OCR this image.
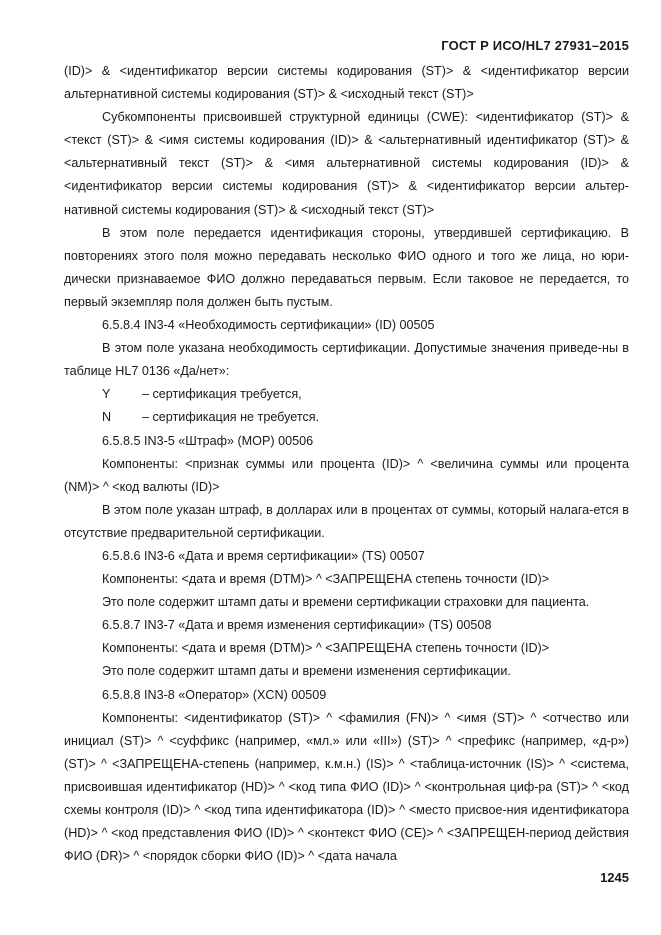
ГОСТ Р ИСО/HL7 27931–2015

(ID)> & <идентификатор версии системы кодирования (ST)> & <идентификатор версии альтернативной системы кодирования (ST)> & <исходный текст (ST)>

Субкомпоненты присвоившей структурной единицы (CWE): <идентификатор (ST)> & <текст (ST)> & <имя системы кодирования (ID)> & <альтернативный идентификатор (ST)> & <альтернативный текст (ST)> & <имя альтернативной системы кодирования (ID)> & <идентификатор версии системы кодирования (ST)> & <идентификатор версии альтер-нативной системы кодирования (ST)> & <исходный текст (ST)>

В этом поле передается идентификация стороны, утвердившей сертификацию. В повторениях этого поля можно передавать несколько ФИО одного и того же лица, но юри-дически признаваемое ФИО должно передаваться первым. Если таковое не передается, то первый экземпляр поля должен быть пустым.

6.5.8.4 IN3-4 «Необходимость сертификации» (ID) 00505

В этом поле указана необходимость сертификации. Допустимые значения приведе-ны в таблице HL7 0136 «Да/нет»:

Y	– сертификация требуется,

N	– сертификация не требуется.

6.5.8.5 IN3-5 «Штраф» (MOP) 00506

Компоненты: <признак суммы или процента (ID)> ^ <величина суммы или процента (NM)> ^ <код валюты (ID)>

В этом поле указан штраф, в долларах или в процентах от суммы, который налага-ется в отсутствие предварительной сертификации.

6.5.8.6 IN3-6 «Дата и время сертификации» (TS) 00507

Компоненты: <дата и время (DTM)> ^ <ЗАПРЕЩЕНА степень точности (ID)>

Это поле содержит штамп даты и времени сертификации страховки для пациента.

6.5.8.7 IN3-7 «Дата и время изменения сертификации» (TS) 00508

Компоненты: <дата и время (DTM)> ^ <ЗАПРЕЩЕНА степень точности (ID)>

Это поле содержит штамп даты и времени изменения сертификации.

6.5.8.8 IN3-8 «Оператор» (XCN) 00509

Компоненты: <идентификатор (ST)> ^ <фамилия (FN)> ^ <имя (ST)> ^ <отчество или инициал (ST)> ^ <суффикс (например, «мл.» или «III») (ST)> ^ <префикс (например, «д-р») (ST)> ^ <ЗАПРЕЩЕНА-степень (например, к.м.н.) (IS)> ^ <таблица-источник (IS)> ^ <система, присвоившая идентификатор (HD)> ^ <код типа ФИО (ID)> ^ <контрольная циф-ра (ST)> ^ <код схемы контроля (ID)> ^ <код типа идентификатора (ID)> ^ <место присвое-ния идентификатора (HD)> ^ <код представления ФИО (ID)> ^ <контекст ФИО (CE)> ^ <ЗАПРЕЩЕН-период действия ФИО (DR)> ^ <порядок сборки ФИО (ID)> ^ <дата начала

1245
